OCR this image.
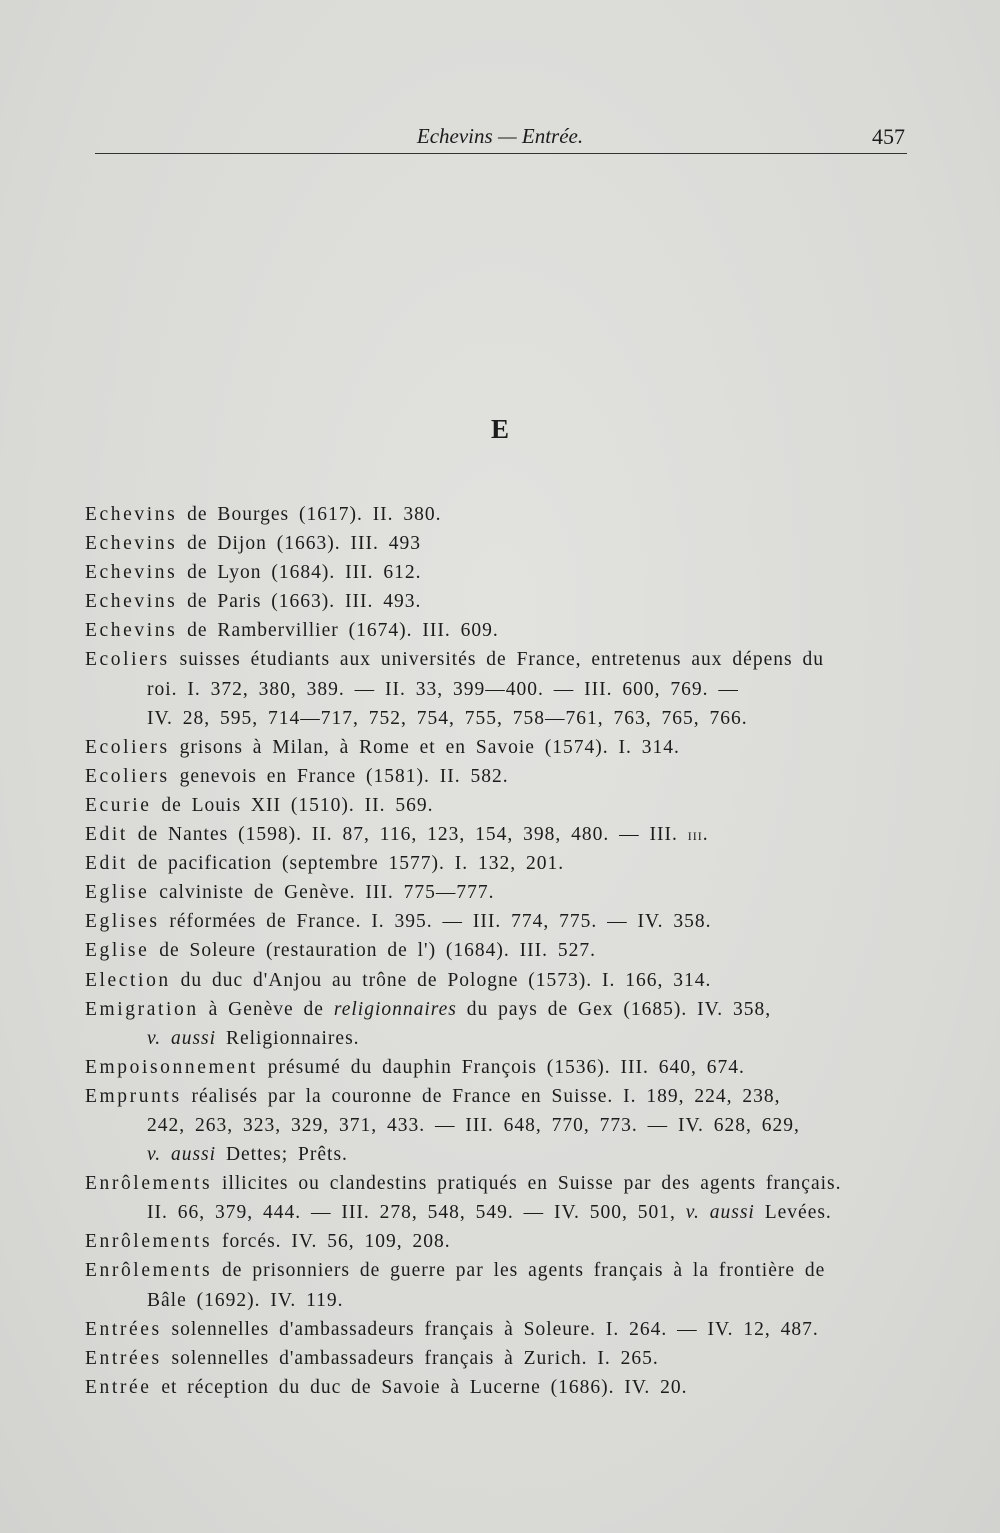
Echevins — Entrée.	457
E
Echevins de Bourges (1617). II. 380.
Echevins de Dijon (1663). III. 493
Echevins de Lyon (1684). III. 612.
Echevins de Paris (1663). III. 493.
Echevins de Rambervillier (1674). III. 609.
Ecoliers suisses étudiants aux universités de France, entretenus aux dépens du
roi. I. 372, 380, 389. — II. 33, 399—400. — III. 600, 769. —
IV. 28, 595, 714—717, 752, 754, 755, 758—761, 763, 765, 766.
Ecoliers grisons à Milan, à Rome et en Savoie (1574). I. 314.
Ecoliers genevois en France (1581). II. 582.
Ecurie de Louis XII (1510). II. 569.
Edit de Nantes (1598). II. 87, 116, 123, 154, 398, 480. — III. iii.
Edit de pacification (septembre 1577). I. 132, 201.
Eglise calviniste de Genève. III. 775—777.
Eglises réformées de France. I. 395. — III. 774, 775. — IV. 358.
Eglise de Soleure (restauration de l') (1684). III. 527.
Election du duc d'Anjou au trône de Pologne (1573). I. 166, 314.
Emigration à Genève de religionnaires du pays de Gex (1685). IV. 358,
v. aussi Religionnaires.
Empoisonnement présumé du dauphin François (1536). III. 640, 674.
Emprunts réalisés par la couronne de France en Suisse. I. 189, 224, 238,
242, 263, 323, 329, 371, 433. — III. 648, 770, 773. — IV. 628, 629,
v. aussi Dettes; Prêts.
Enrôlements illicites ou clandestins pratiqués en Suisse par des agents français.
II. 66, 379, 444. — III. 278, 548, 549. — IV. 500, 501, v. aussi Levées.
Enrôlements forcés. IV. 56, 109, 208.
Enrôlements de prisonniers de guerre par les agents français à la frontière de
Bâle (1692). IV. 119.
Entrées solennelles d'ambassadeurs français à Soleure. I. 264. — IV. 12, 487.
Entrées solennelles d'ambassadeurs français à Zurich. I. 265.
Entrée et réception du duc de Savoie à Lucerne (1686). IV. 20.
